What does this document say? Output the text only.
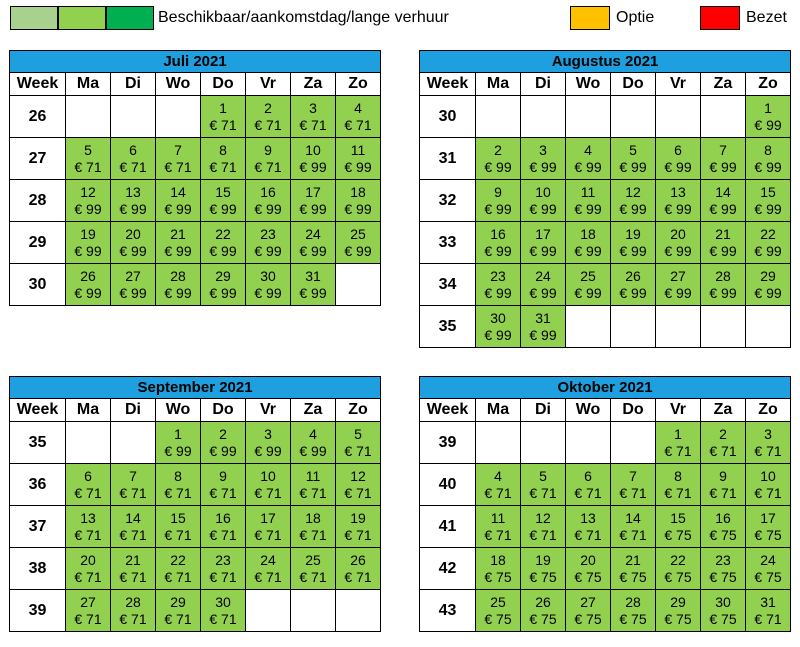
Beschikbaar/aankomstdag/lange verhuur	Optie	Bezet
Juli 2021							
Week	Ma	Di	Wo	Do	Vr	Za	Zo
26				1
€ 71	2
€ 71	3
€ 71	4
€ 71

27	5
€ 71	6
€ 71	7
€ 71	8
€ 71	9
€ 71	10
€ 99	11
€ 99

28	12
€ 99	13
€ 99	14
€ 99	15
€ 99	16
€ 99	17
€ 99	18
€ 99

29	19
€ 99	20
€ 99	21
€ 99	22
€ 99	23
€ 99	24
€ 99	25
€ 99

30	26
€ 99	27
€ 99	28
€ 99	29
€ 99	30
€ 99	31
€ 99	

Augustus 2021							
Week	Ma	Di	Wo	Do	Vr	Za	Zo
30							1
€ 99

31	2
€ 99	3
€ 99	4
€ 99	5
€ 99	6
€ 99	7
€ 99	8
€ 99

32	9
€ 99	10
€ 99	11
€ 99	12
€ 99	13
€ 99	14
€ 99	15
€ 99

33	16
€ 99	17
€ 99	18
€ 99	19
€ 99	20
€ 99	21
€ 99	22
€ 99

34	23
€ 99	24
€ 99	25
€ 99	26
€ 99	27
€ 99	28
€ 99	29
€ 99

35	30
€ 99	31
€ 99					

September 2021							
Week	Ma	Di	Wo	Do	Vr	Za	Zo
35			1
€ 99	2
€ 99	3
€ 99	4
€ 99	5
€ 71

36	6
€ 71	7
€ 71	8
€ 71	9
€ 71	10
€ 71	11
€ 71	12
€ 71

37	13
€ 71	14
€ 71	15
€ 71	16
€ 71	17
€ 71	18
€ 71	19
€ 71

38	20
€ 71	21
€ 71	22
€ 71	23
€ 71	24
€ 71	25
€ 71	26
€ 71

39	27
€ 71	28
€ 71	29
€ 71	30
€ 71			

Oktober 2021							
Week	Ma	Di	Wo	Do	Vr	Za	Zo
39					1
€ 71	2
€ 71	3
€ 71

40	4
€ 71	5
€ 71	6
€ 71	7
€ 71	8
€ 71	9
€ 71	10
€ 71

41	11
€ 71	12
€ 71	13
€ 71	14
€ 71	15
€ 75	16
€ 75	17
€ 75

42	18
€ 75	19
€ 75	20
€ 75	21
€ 75	22
€ 75	23
€ 75	24
€ 75

43	25
€ 75	26
€ 75	27
€ 75	28
€ 75	29
€ 75	30
€ 75	31
€ 71
